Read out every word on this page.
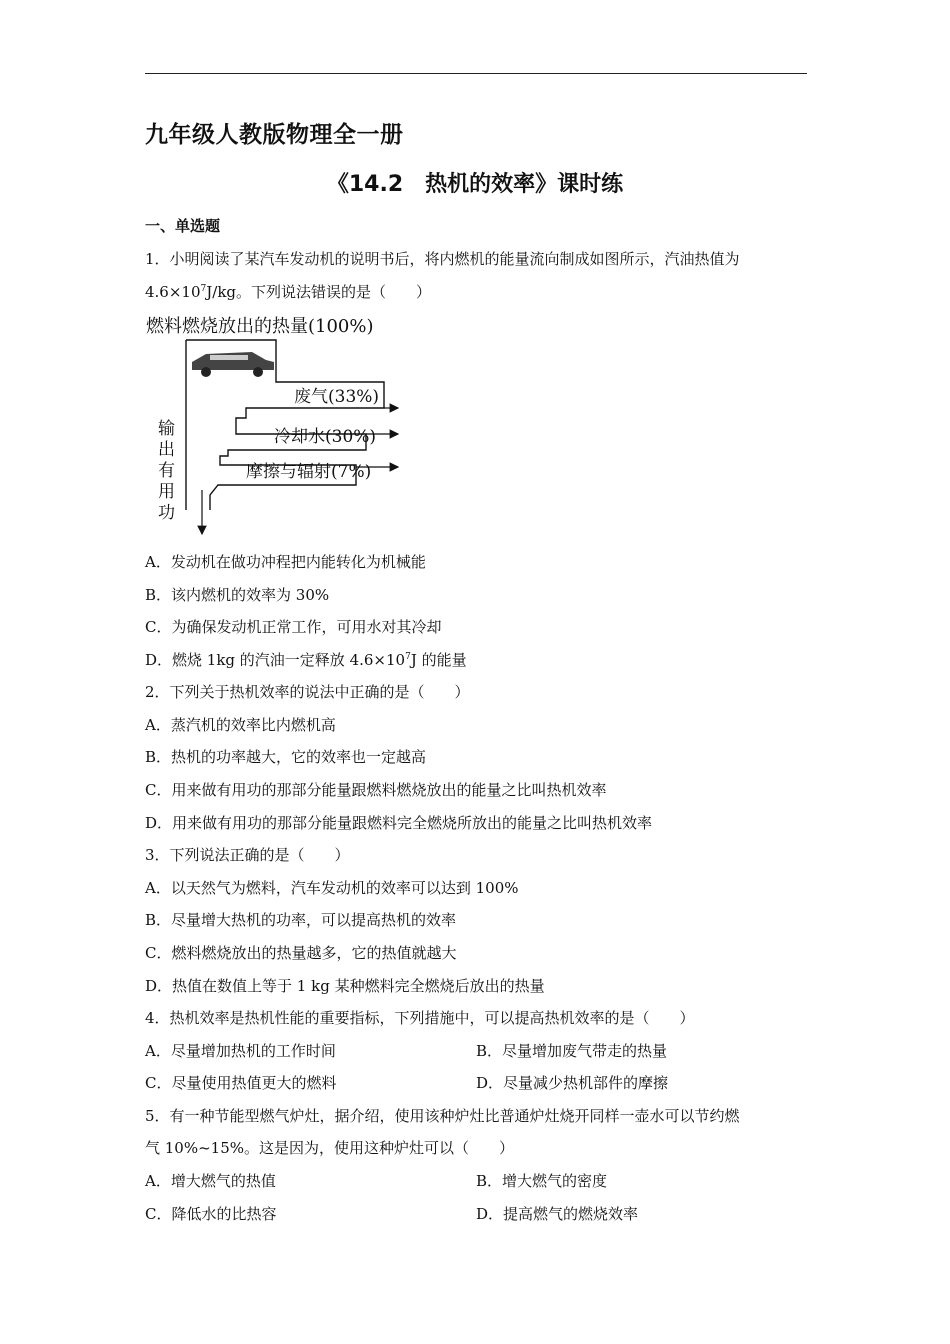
九年级人教版物理全一册
《14.2　热机的效率》课时练
一、单选题
1．小明阅读了某汽车发动机的说明书后，将内燃机的能量流向制成如图所示，汽油热值为
$4.6\times 10^7J/kg$。下列说法错误的是（　　）
燃料燃烧放出的热量(100%)
废气(33%)
冷却水(30%)
摩擦与辐射(7%)
输
出
有
用
功
A．发动机在做功冲程把内能转化为机械能
B．该内燃机的效率为 30%
C．为确保发动机正常工作，可用水对其冷却
D．燃烧 1kg 的汽油一定释放 $4.6\times 10^7J$ 的能量
2．下列关于热机效率的说法中正确的是（　　）
A．蒸汽机的效率比内燃机高
B．热机的功率越大，它的效率也一定越高
C．用来做有用功的那部分能量跟燃料燃烧放出的能量之比叫热机效率
D．用来做有用功的那部分能量跟燃料完全燃烧所放出的能量之比叫热机效率
3．下列说法正确的是（　　）
A．以天然气为燃料，汽车发动机的效率可以达到 100%
B．尽量增大热机的功率，可以提高热机的效率
C．燃料燃烧放出的热量越多，它的热值就越大
D．热值在数值上等于 1 kg 某种燃料完全燃烧后放出的热量
4．热机效率是热机性能的重要指标，下列措施中，可以提高热机效率的是（　　）
A．尽量增加热机的工作时间	B．尽量增加废气带走的热量
C．尽量使用热值更大的燃料	D．尽量减少热机部件的摩擦
5．有一种节能型燃气炉灶，据介绍，使用该种炉灶比普通炉灶烧开同样一壶水可以节约燃
气 10%~15%。这是因为，使用这种炉灶可以（　　）
A．增大燃气的热值	B．增大燃气的密度
C．降低水的比热容	D．提高燃气的燃烧效率
